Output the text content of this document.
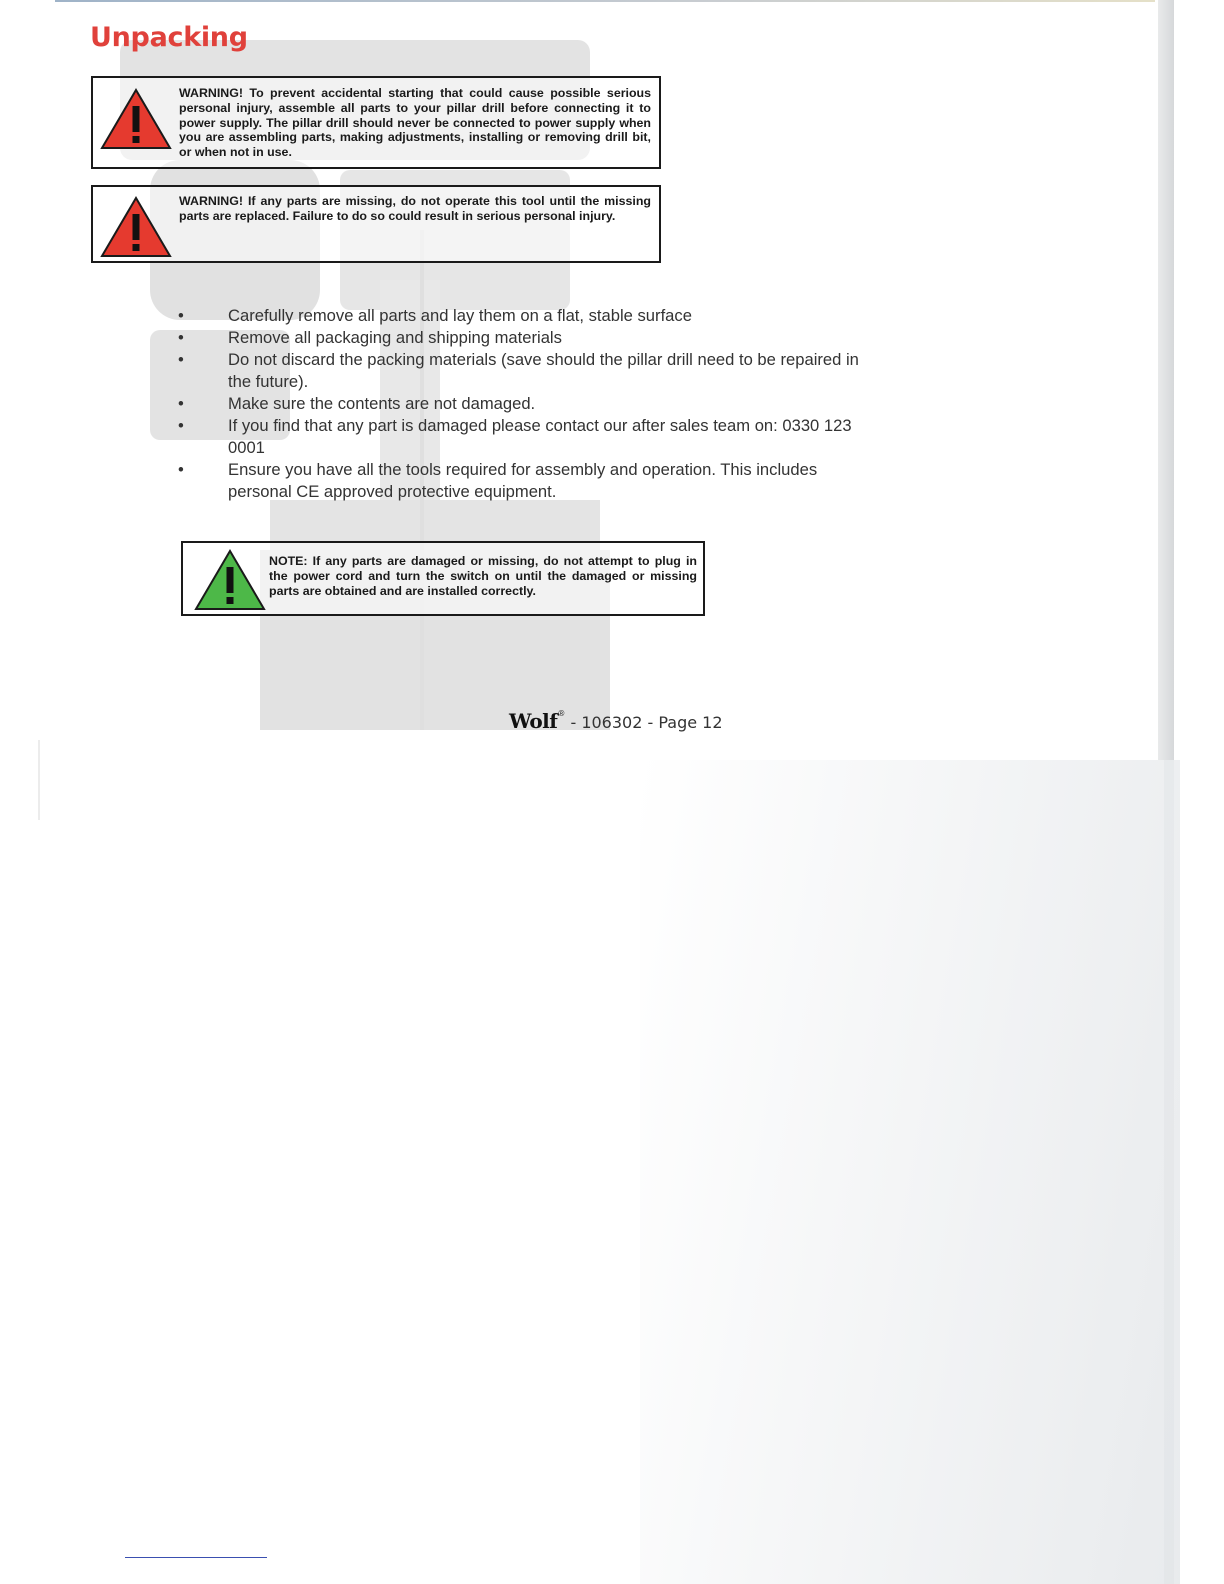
Unpacking
WARNING! To prevent accidental starting that could cause possible serious personal injury, assemble all parts to your pillar drill before connecting it to power supply. The pillar drill should never be connected to power supply when you are assembling parts, making adjustments, installing or removing drill bit, or when not in use.
WARNING! If any parts are missing, do not operate this tool until the missing parts are replaced. Failure to do so could result in serious personal injury.
•	Carefully remove all parts and lay them on a flat, stable surface
•	Remove all packaging and shipping materials
•	Do not discard the packing materials (save should the pillar drill need to be repaired in the future).
•	Make sure the contents are not damaged.
•	If you find that any part is damaged please contact our after sales team on: 0330 123 0001
•	Ensure you have all the tools required for assembly and operation. This includes personal CE approved protective equipment.
NOTE: If any parts are damaged or missing, do not attempt to plug in the power cord and turn the switch on until the damaged or missing parts are obtained and are installed correctly.
Wolf® - 106302 - Page 12
